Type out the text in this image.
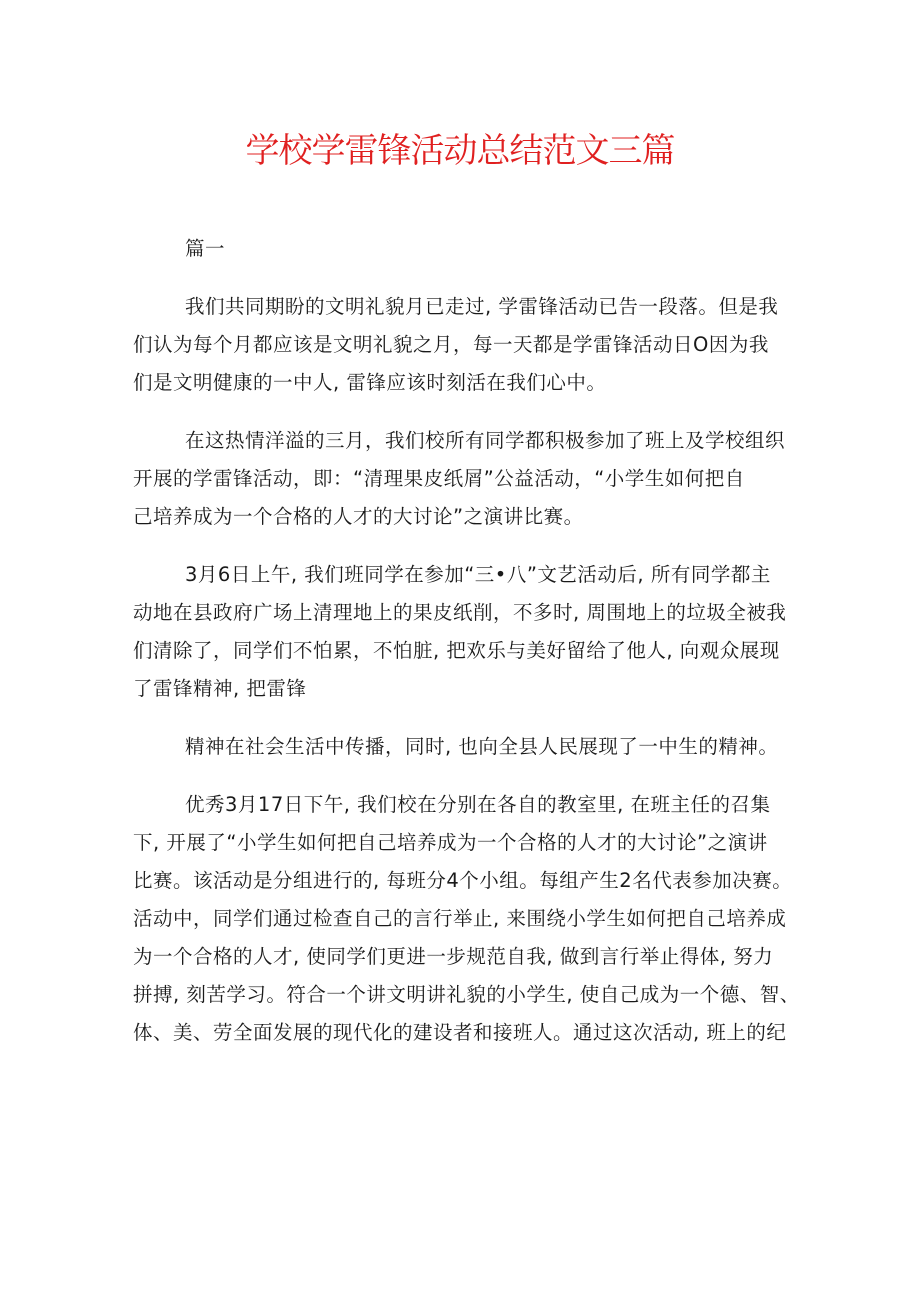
学校学雷锋活动总结范文三篇

篇一

我们共同期盼的文明礼貌月已走过, 学雷锋活动已告一段落。但是我
们认为每个月都应该是文明礼貌之月，每一天都是学雷锋活动日O因为我
们是文明健康的一中人, 雷锋应该时刻活在我们心中。

在这热情洋溢的三月，我们校所有同学都积极参加了班上及学校组织
开展的学雷锋活动，即：“清理果皮纸屑”公益活动，“小学生如何把自
己培养成为一个合格的人才的大讨论”之演讲比赛。

3月6日上午, 我们班同学在参加“三•八”文艺活动后, 所有同学都主
动地在县政府广场上清理地上的果皮纸削，不多时, 周围地上的垃圾全被我
们清除了，同学们不怕累，不怕脏, 把欢乐与美好留给了他人, 向观众展现
了雷锋精神, 把雷锋

精神在社会生活中传播，同时, 也向全县人民展现了一中生的精神。

优秀3月17日下午, 我们校在分别在各自的教室里, 在班主任的召集
下, 开展了“小学生如何把自己培养成为一个合格的人才的大讨论”之演讲
比赛。该活动是分组进行的, 每班分4个小组。每组产生2名代表参加决赛。
活动中，同学们通过检查自己的言行举止, 来围绕小学生如何把自己培养成
为一个合格的人才, 使同学们更进一步规范自我, 做到言行举止得体, 努力
拼搏, 刻苦学习。符合一个讲文明讲礼貌的小学生, 使自己成为一个德、智、
体、美、劳全面发展的现代化的建设者和接班人。通过这次活动, 班上的纪
